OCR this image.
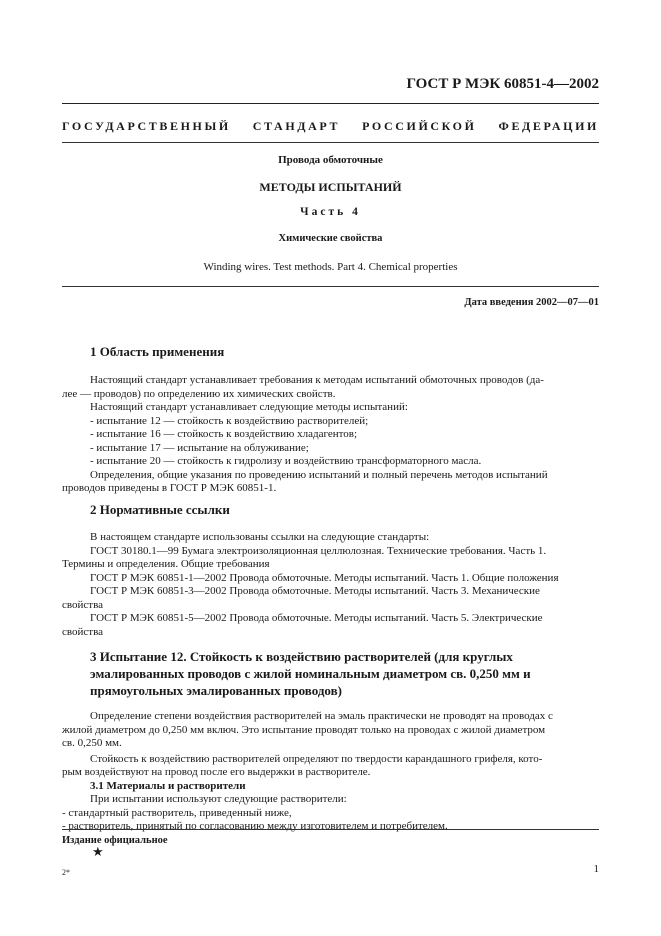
ГОСТ Р МЭК 60851-4—2002
ГОСУДАРСТВЕННЫЙ СТАНДАРТ РОССИЙСКОЙ ФЕДЕРАЦИИ
Провода обмоточные
МЕТОДЫ ИСПЫТАНИЙ
Часть 4
Химические свойства
Winding wires. Test methods. Part 4. Chemical properties
Дата введения 2002—07—01
1 Область применения

Настоящий стандарт устанавливает требования к методам испытаний обмоточных проводов (да-

лее — проводов) по определению их химических свойств.

Настоящий стандарт устанавливает следующие методы испытаний:

- испытание 12 — стойкость к воздействию растворителей;

- испытание 16 — стойкость к воздействию хладагентов;

- испытание 17 — испытание на облуживание;

- испытание 20 — стойкость к гидролизу и воздействию трансформаторного масла.

Определения, общие указания по проведению испытаний и полный перечень методов испытаний

проводов приведены в ГОСТ Р МЭК 60851-1.

2 Нормативные ссылки

В настоящем стандарте использованы ссылки на следующие стандарты:

ГОСТ 30180.1—99 Бумага электроизоляционная целлюлозная. Технические требования. Часть 1.

Термины и определения. Общие требования

ГОСТ Р МЭК 60851-1—2002 Провода обмоточные. Методы испытаний. Часть 1. Общие положения

ГОСТ Р МЭК 60851-3—2002 Провода обмоточные. Методы испытаний. Часть 3. Механические

свойства

ГОСТ Р МЭК 60851-5—2002 Провода обмоточные. Методы испытаний. Часть 5. Электрические

свойства

3 Испытание 12. Стойкость к воздействию растворителей (для круглых
эмалированных проводов с жилой номинальным диаметром св. 0,250 мм и
прямоугольных эмалированных проводов)

Определение степени воздействия растворителей на эмаль практически не проводят на проводах с

жилой диаметром до 0,250 мм включ. Это испытание проводят только на проводах с жилой диаметром

св. 0,250 мм.

Стойкость к воздействию растворителей определяют по твердости карандашного грифеля, кото-

рым воздействуют на провод после его выдержки в растворителе.

3.1 Материалы и растворители

При испытании используют следующие растворители:

- стандартный растворитель, приведенный ниже,

- растворитель, принятый по согласованию между изготовителем и потребителем.

Издание официальное
★
2*	1
